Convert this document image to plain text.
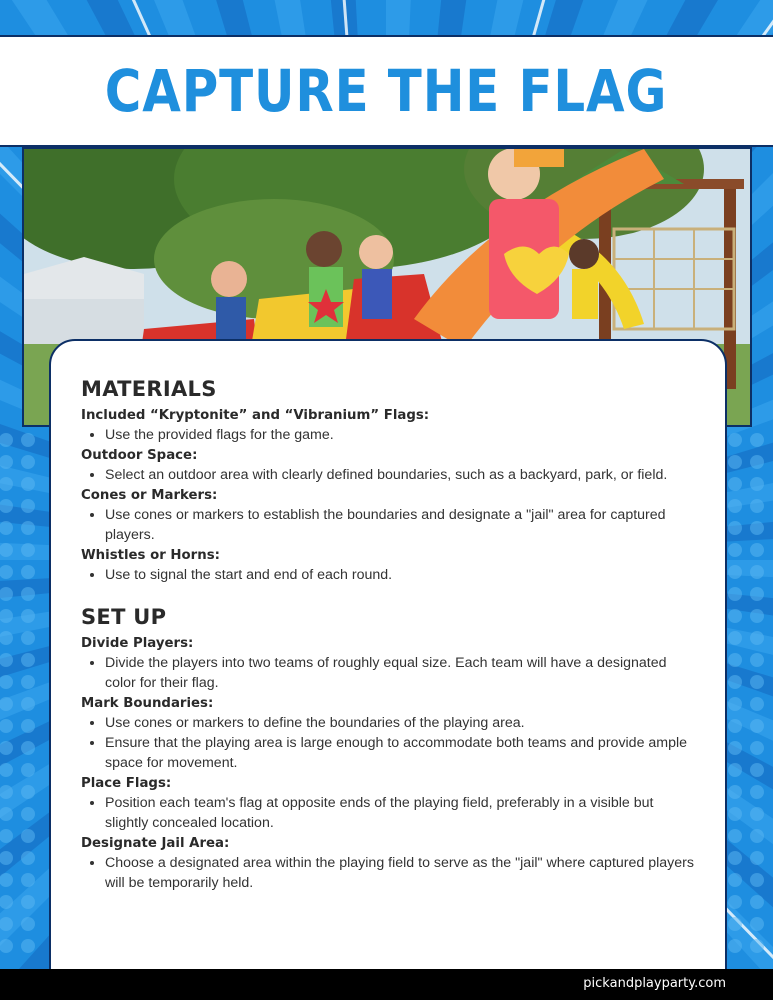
CAPTURE THE FLAG
MATERIALS
Included “Kryptonite” and “Vibranium” Flags:
Use the provided flags for the game.
Outdoor Space:
Select an outdoor area with clearly defined boundaries, such as a backyard, park, or field.
Cones or Markers:
Use cones or markers to establish the boundaries and designate a "jail" area for captured players.
Whistles or Horns:
Use to signal the start and end of each round.
SET UP
Divide Players:
Divide the players into two teams of roughly equal size. Each team will have a designated color for their flag.
Mark Boundaries:
Use cones or markers to define the boundaries of the playing area.
Ensure that the playing area is large enough to accommodate both teams and provide ample space for movement.
Place Flags:
Position each team's flag at opposite ends of the playing field, preferably in a visible but slightly concealed location.
Designate Jail Area:
Choose a designated area within the playing field to serve as the "jail" where captured players will be temporarily held.
pickandplayparty.com
